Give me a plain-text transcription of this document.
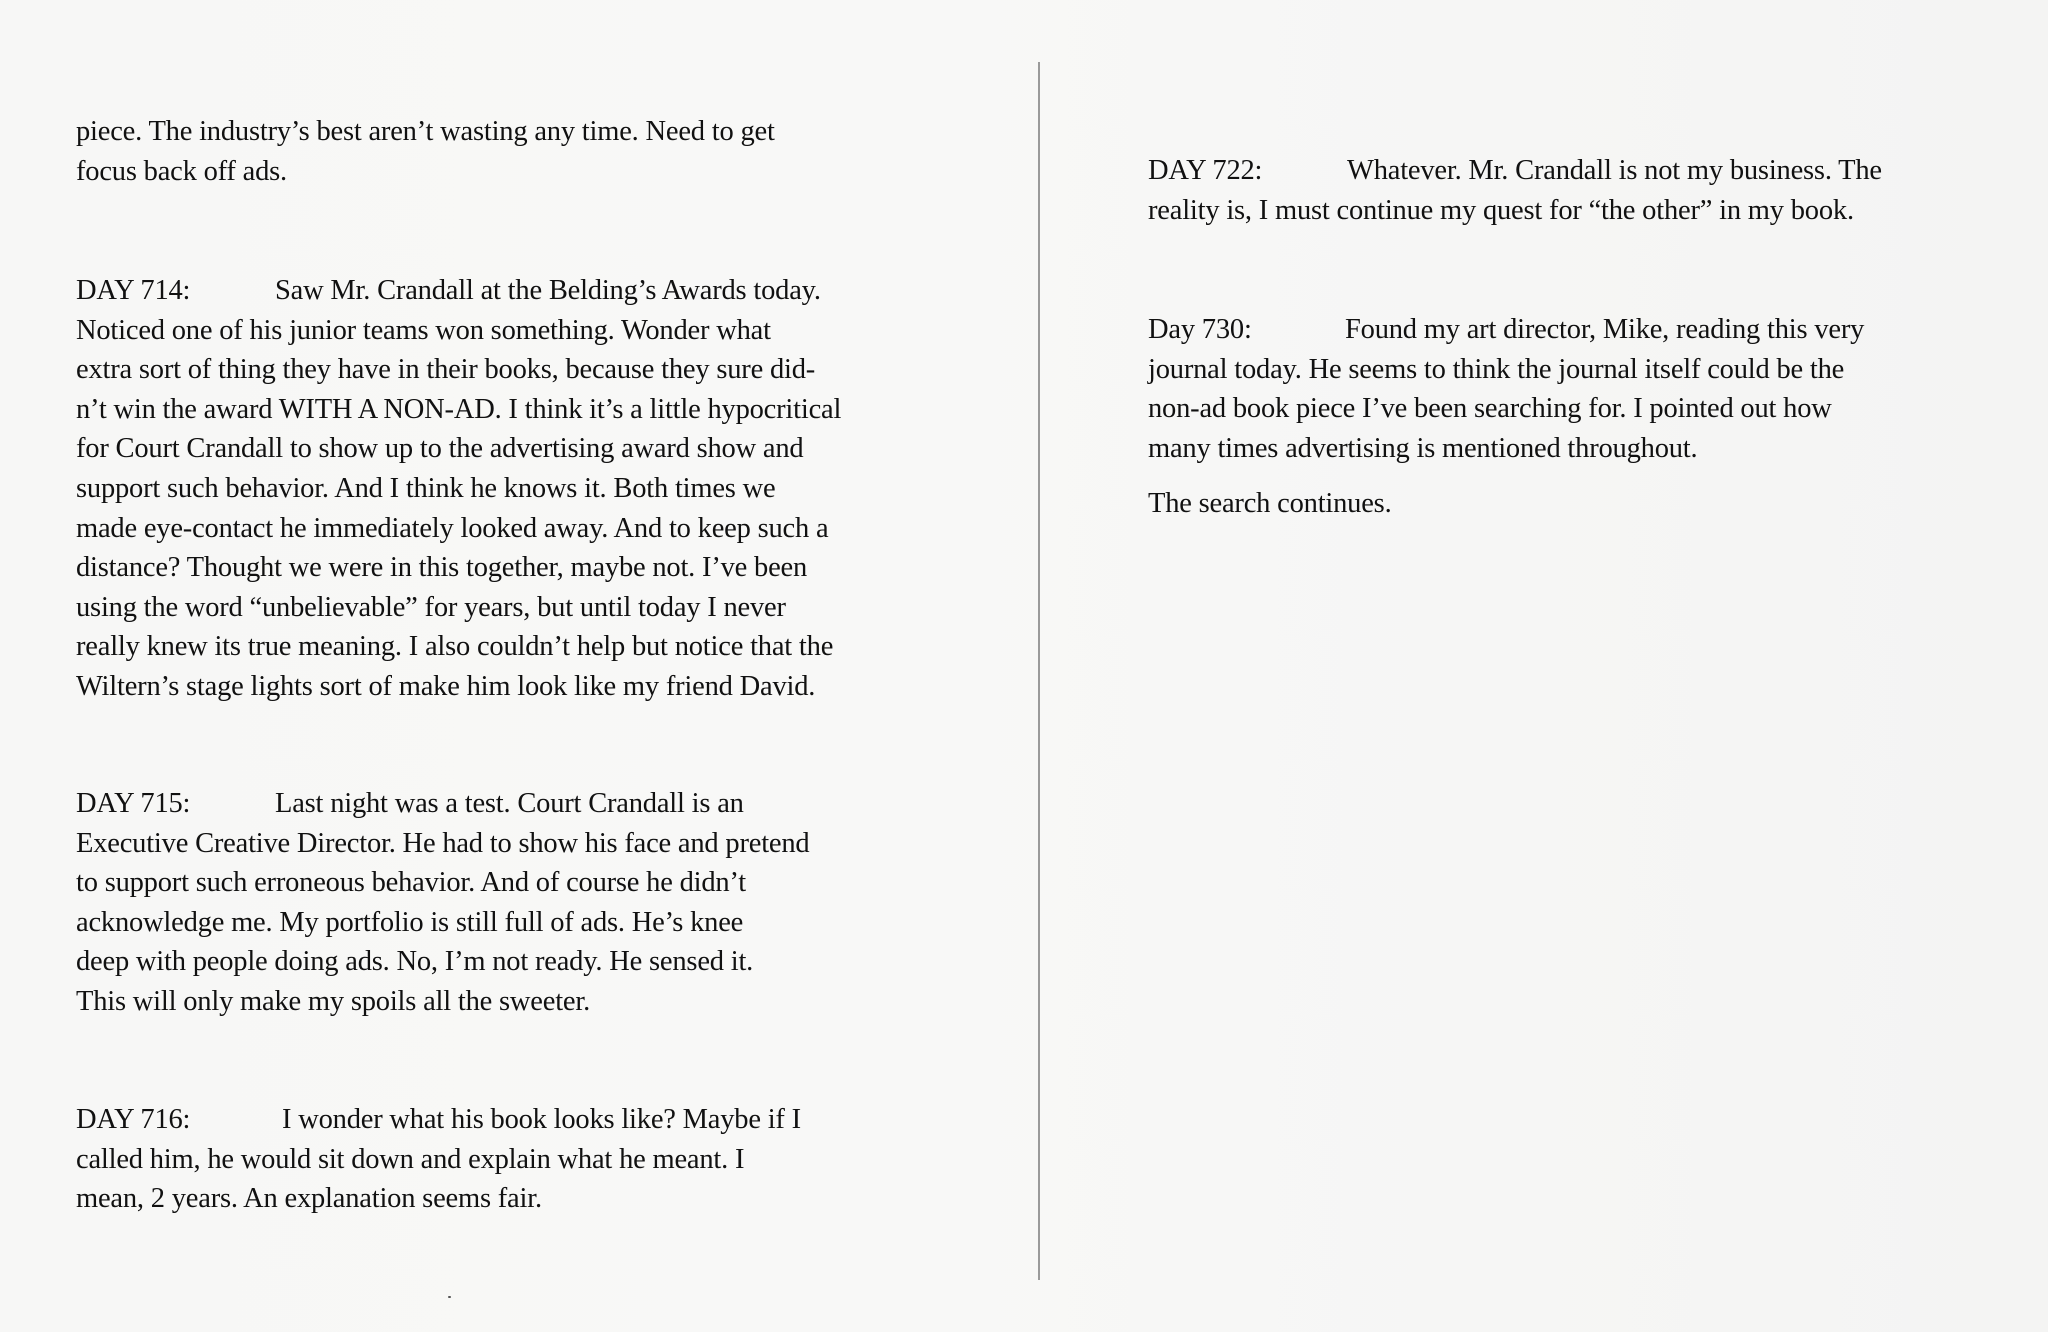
piece. The industry’s best aren’t wasting any time. Need to get
focus back off ads.

DAY 714:	Saw Mr. Crandall at the Belding’s Awards today.
Noticed one of his junior teams won something. Wonder what
extra sort of thing they have in their books, because they sure did-
n’t win the award WITH A NON-AD. I think it’s a little hypocritical
for Court Crandall to show up to the advertising award show and
support such behavior. And I think he knows it. Both times we
made eye-contact he immediately looked away. And to keep such a
distance? Thought we were in this together, maybe not. I’ve been
using the word “unbelievable” for years, but until today I never
really knew its true meaning. I also couldn’t help but notice that the
Wiltern’s stage lights sort of make him look like my friend David.

DAY 715:	Last night was a test. Court Crandall is an
Executive Creative Director. He had to show his face and pretend
to support such erroneous behavior. And of course he didn’t
acknowledge me. My portfolio is still full of ads. He’s knee
deep with people doing ads. No, I’m not ready. He sensed it.
This will only make my spoils all the sweeter.

DAY 716:	I wonder what his book looks like? Maybe if I
called him, he would sit down and explain what he meant. I
mean, 2 years. An explanation seems fair.

DAY 722:	Whatever. Mr. Crandall is not my business. The
reality is, I must continue my quest for “the other” in my book.

Day 730:	Found my art director, Mike, reading this very
journal today. He seems to think the journal itself could be the
non-ad book piece I’ve been searching for. I pointed out how
many times advertising is mentioned throughout.

The search continues.
